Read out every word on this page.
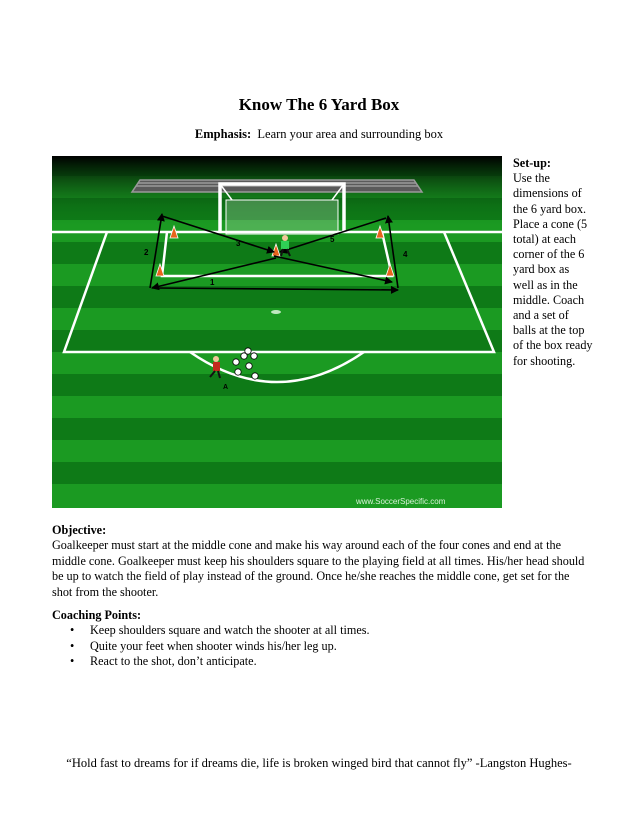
Know The 6 Yard Box
Emphasis: Learn your area and surrounding box
1
2
3
4
5
A
www.SoccerSpecific.com
Set-up:
Use the dimensions of the 6 yard box. Place a cone (5 total) at each corner of the 6 yard box as well as in the middle. Coach and a set of balls at the top of the box ready for shooting.
Objective:
Goalkeeper must start at the middle cone and make his way around each of the four cones and end at the middle cone. Goalkeeper must keep his shoulders square to the playing field at all times. His/her head should be up to watch the field of play instead of the ground. Once he/she reaches the middle cone, get set for the shot from the shooter.
Coaching Points:
• Keep shoulders square and watch the shooter at all times.
• Quite your feet when shooter winds his/her leg up.
• React to the shot, don’t anticipate.
“Hold fast to dreams for if dreams die, life is broken winged bird that cannot fly” -Langston Hughes-
